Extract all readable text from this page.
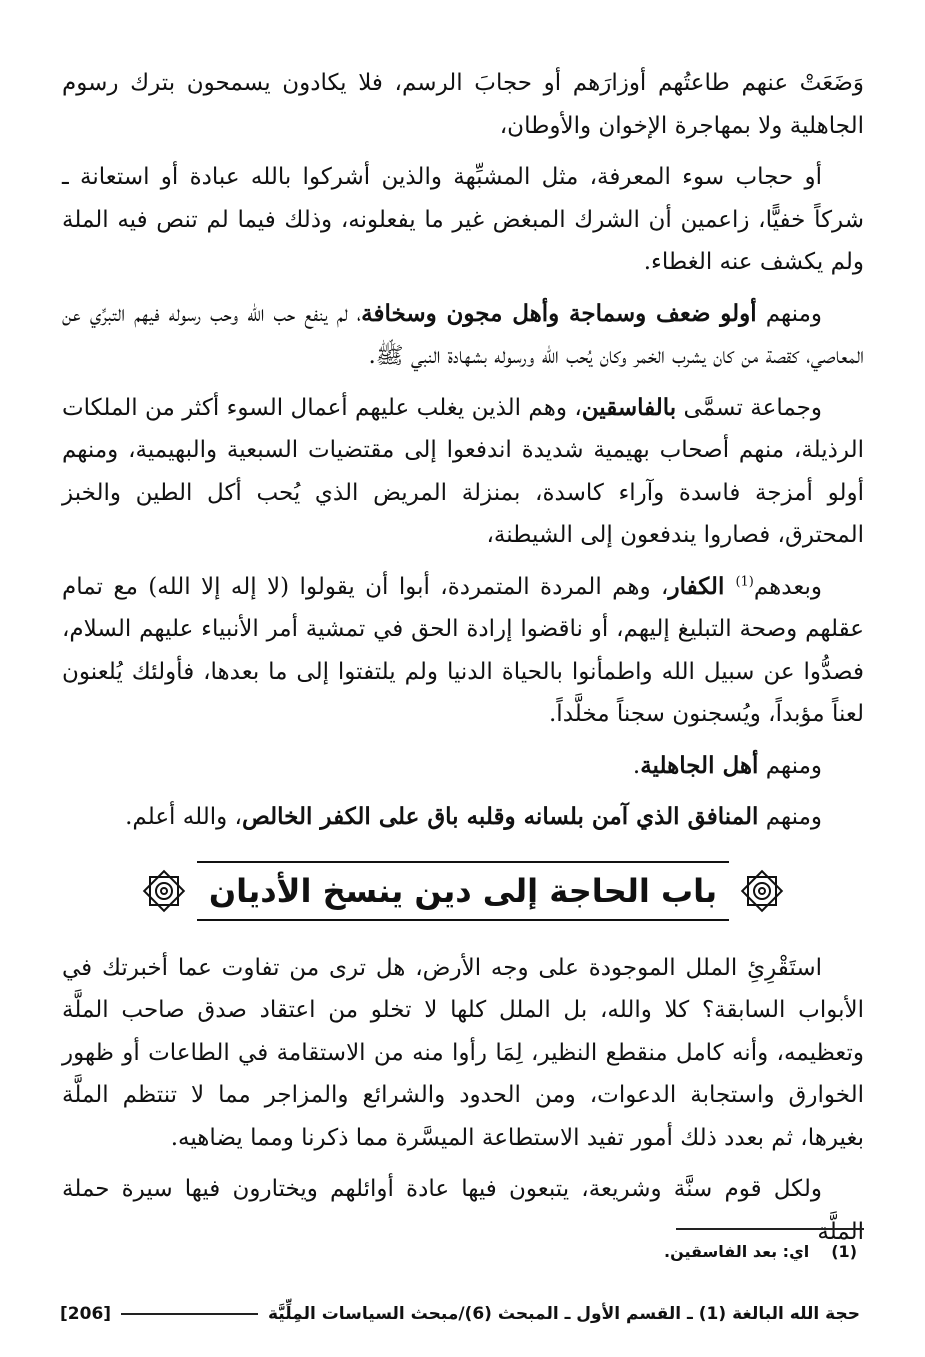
وَضَعَتْ عنهم طاعتُهم أوزارَهم أو حجابَ الرسم، فلا يكادون يسمحون بترك رسوم الجاهلية ولا بمهاجرة الإخوان والأوطان،

أو حجاب سوء المعرفة، مثل المشبِّهة والذين أشركوا بالله عبادة أو استعانة ـ شركاً خفيًّا، زاعمين أن الشرك المبغض غير ما يفعلونه، وذلك فيما لم تنص فيه الملة ولم يكشف عنه الغطاء.

ومنهم أولو ضعف وسماجة وأهل مجون وسخافة، لم ينفع حب الله وحب رسوله فيهم التبرِّي عن المعاصي، كقصة من كان يشرب الخمر وكان يُحب الله ورسوله بشهادة النبي ﷺ.

وجماعة تسمَّى بالفاسقين، وهم الذين يغلب عليهم أعمال السوء أكثر من الملكات الرذيلة، منهم أصحاب بهيمية شديدة اندفعوا إلى مقتضيات السبعية والبهيمية، ومنهم أولو أمزجة فاسدة وآراء كاسدة، بمنزلة المريض الذي يُحب أكل الطين والخبز المحترق، فصاروا يندفعون إلى الشيطنة،

وبعدهم$^{(1)}$ الكفار، وهم المردة المتمردة، أبوا أن يقولوا (لا إله إلا الله) مع تمام عقلهم وصحة التبليغ إليهم، أو ناقضوا إرادة الحق في تمشية أمر الأنبياء عليهم السلام، فصدُّوا عن سبيل الله واطمأنوا بالحياة الدنيا ولم يلتفتوا إلى ما بعدها، فأولئك يُلعنون لعناً مؤبداً، ويُسجنون سجناً مخلَّداً.

ومنهم أهل الجاهلية.

ومنهم المنافق الذي آمن بلسانه وقلبه باق على الكفر الخالص، والله أعلم.

باب الحاجة إلى دين ينسخ الأديان

استَقْرِئِ الملل الموجودة على وجه الأرض، هل ترى من تفاوت عما أخبرتك في الأبواب السابقة؟ كلا والله، بل الملل كلها لا تخلو من اعتقاد صدق صاحب الملَّة وتعظيمه، وأنه كامل منقطع النظير، لِمَا رأوا منه من الاستقامة في الطاعات أو ظهور الخوارق واستجابة الدعوات، ومن الحدود والشرائع والمزاجر مما لا تنتظم الملَّة بغيرها، ثم بعدد ذلك أمور تفيد الاستطاعة الميسَّرة مما ذكرنا ومما يضاهيه.

ولكل قوم سنَّة وشريعة، يتبعون فيها عادة أوائلهم ويختارون فيها سيرة حملة الملَّة

(1)اي: بعد الفاسقين.
حجة الله البالغة (1) ـ القسم الأول ـ المبحث (6)/مبحث السياسات المِلِّيَّة
[206]
